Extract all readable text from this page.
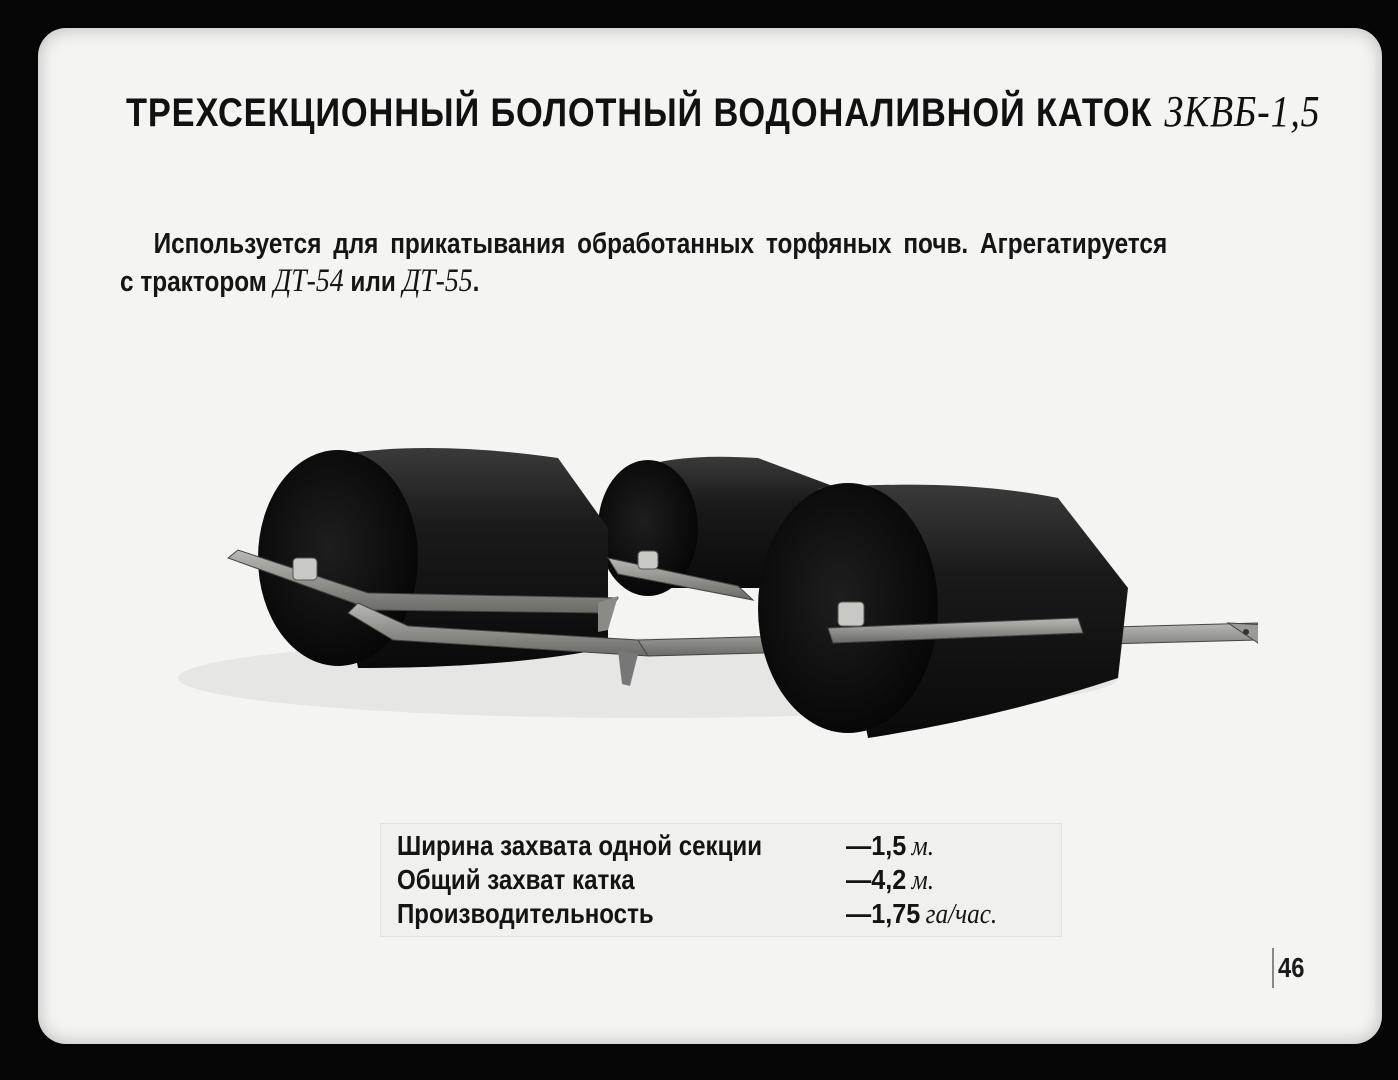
ТРЕХСЕКЦИОННЫЙ БОЛОТНЫЙ ВОДОНАЛИВНОЙ КАТОК ЗКВБ-1,5
Используется для прикатывания обработанных торфяных почв. Агрегатируется
с трактором ДТ-54 или ДТ-55.
Ширина захвата одной секции	—1,5 м.
Общий захват катка	—4,2 м.
Производительность	—1,75 га/час.
46
